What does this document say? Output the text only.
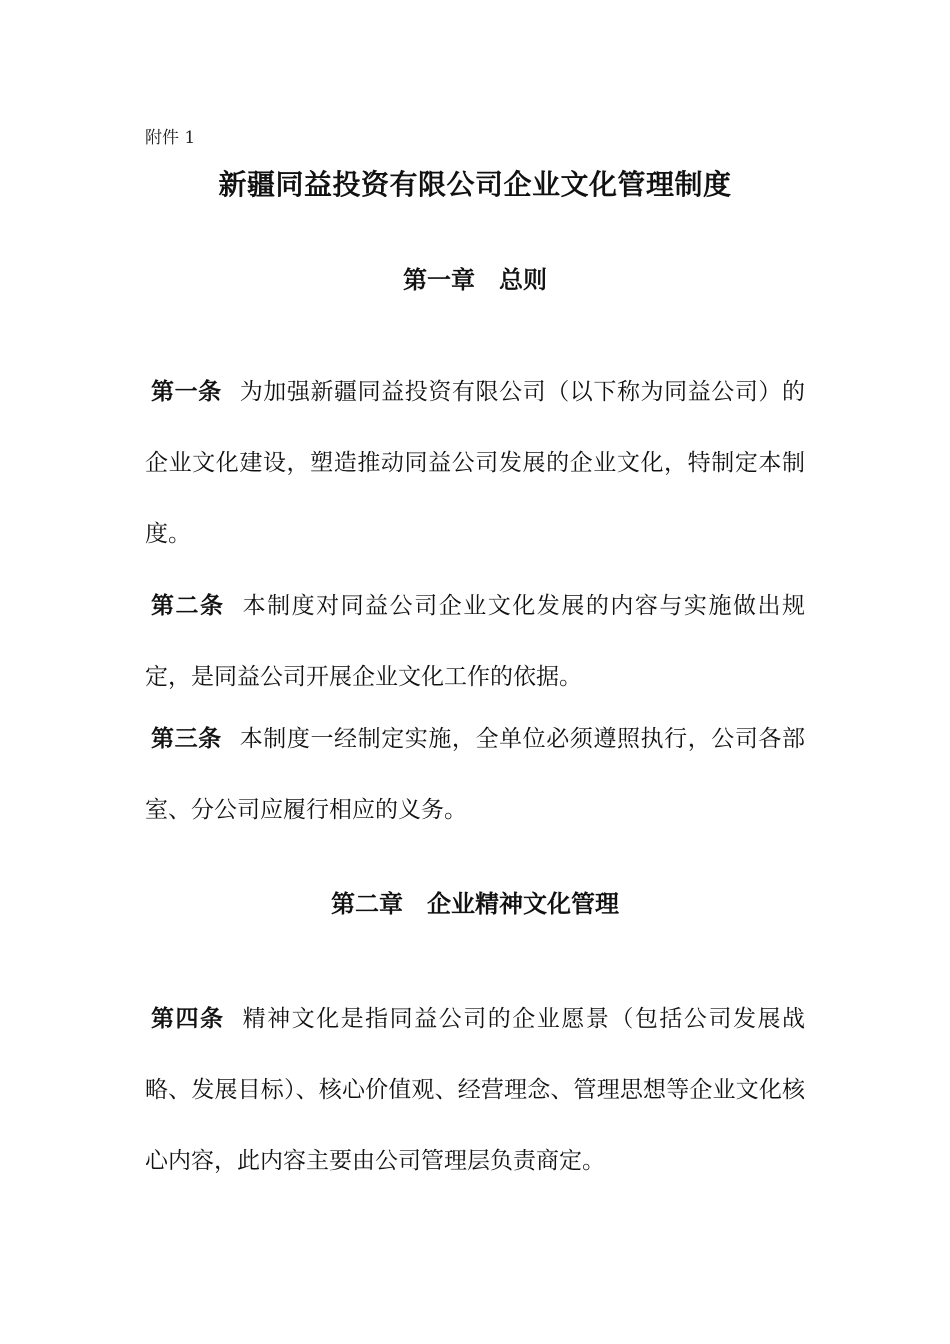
附件 1
新疆同益投资有限公司企业文化管理制度
第一章　总则
第一条 为加强新疆同益投资有限公司（以下称为同益公司）的企业文化建设，塑造推动同益公司发展的企业文化，特制定本制度。
第二条 本制度对同益公司企业文化发展的内容与实施做出规定，是同益公司开展企业文化工作的依据。
第三条 本制度一经制定实施，全单位必须遵照执行，公司各部室、分公司应履行相应的义务。
第二章　企业精神文化管理
第四条 精神文化是指同益公司的企业愿景（包括公司发展战略、发展目标）、核心价值观、经营理念、管理思想等企业文化核心内容，此内容主要由公司管理层负责商定。
